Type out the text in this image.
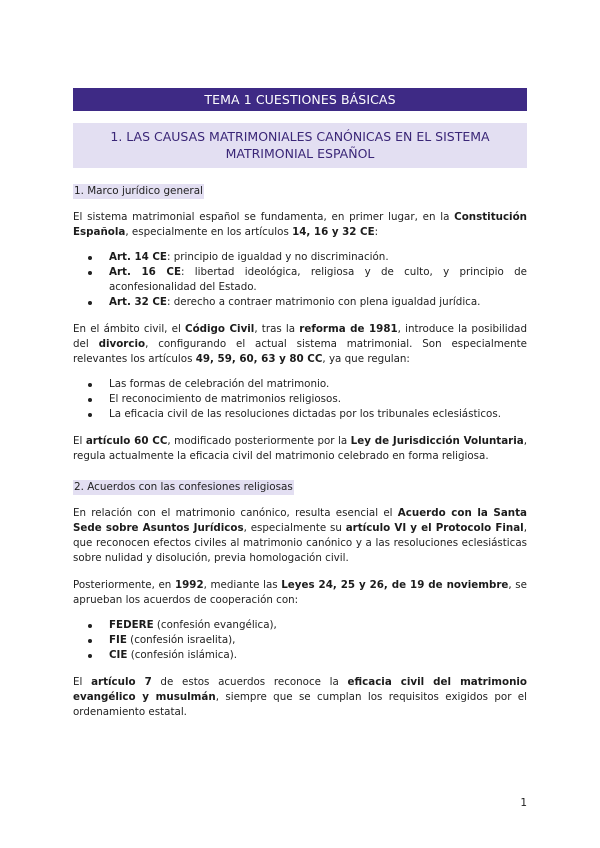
TEMA 1 CUESTIONES BÁSICAS
1. LAS CAUSAS MATRIMONIALES CANÓNICAS EN EL SISTEMA MATRIMONIAL ESPAÑOL
1. Marco jurídico general

El sistema matrimonial español se fundamenta, en primer lugar, en la Constitución Española, especialmente en los artículos 14, 16 y 32 CE:

Art. 14 CE: principio de igualdad y no discriminación.
Art. 16 CE: libertad ideológica, religiosa y de culto, y principio de aconfesionalidad del Estado.
Art. 32 CE: derecho a contraer matrimonio con plena igualdad jurídica.

En el ámbito civil, el Código Civil, tras la reforma de 1981, introduce la posibilidad del divorcio, configurando el actual sistema matrimonial. Son especialmente relevantes los artículos 49, 59, 60, 63 y 80 CC, ya que regulan:

Las formas de celebración del matrimonio.
El reconocimiento de matrimonios religiosos.
La eficacia civil de las resoluciones dictadas por los tribunales eclesiásticos.

El artículo 60 CC, modificado posteriormente por la Ley de Jurisdicción Voluntaria, regula actualmente la eficacia civil del matrimonio celebrado en forma religiosa.

2. Acuerdos con las confesiones religiosas

En relación con el matrimonio canónico, resulta esencial el Acuerdo con la Santa Sede sobre Asuntos Jurídicos, especialmente su artículo VI y el Protocolo Final, que reconocen efectos civiles al matrimonio canónico y a las resoluciones eclesiásticas sobre nulidad y disolución, previa homologación civil.

Posteriormente, en 1992, mediante las Leyes 24, 25 y 26, de 19 de noviembre, se aprueban los acuerdos de cooperación con:

FEDERE (confesión evangélica),
FIE (confesión israelita),
CIE (confesión islámica).

El artículo 7 de estos acuerdos reconoce la eficacia civil del matrimonio evangélico y musulmán, siempre que se cumplan los requisitos exigidos por el ordenamiento estatal.

1
